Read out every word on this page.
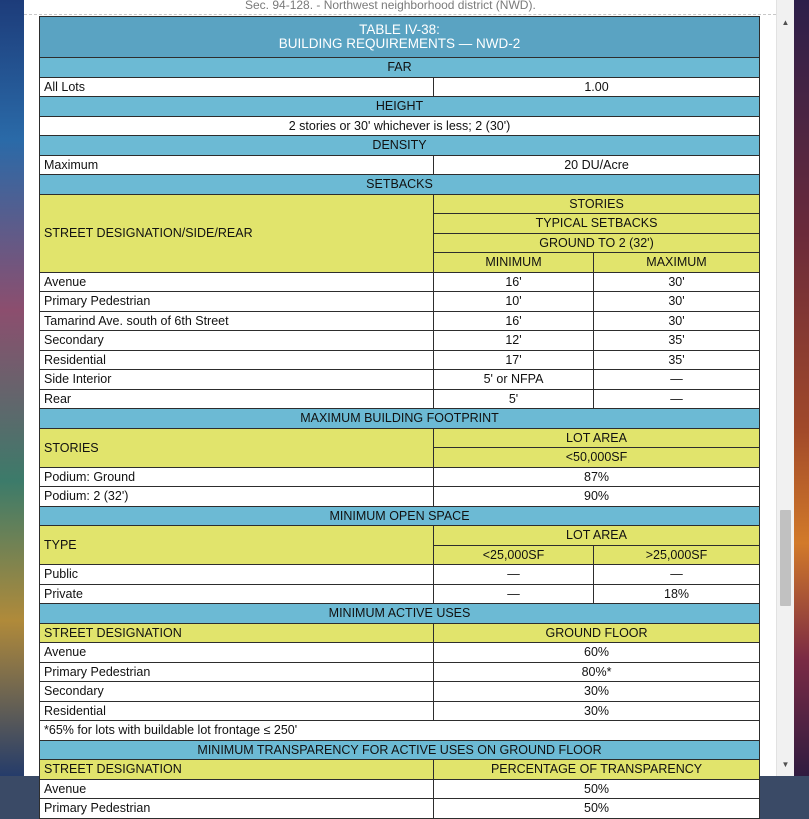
Sec. 94-128. - Northwest neighborhood district (NWD).
TABLE IV-38:
BUILDING REQUIREMENTS — NWD-2		
FAR		
All Lots	1.00	
HEIGHT		
2 stories or 30' whichever is less; 2 (30')		
DENSITY		
Maximum	20 DU/Acre	
SETBACKS		
STREET DESIGNATION/SIDE/REAR	STORIES	
	TYPICAL SETBACKS	
	GROUND TO 2 (32')	
	MINIMUM	MAXIMUM
Avenue	16'	30'
Primary Pedestrian	10'	30'
Tamarind Ave. south of 6th Street	16'	30'
Secondary	12'	35'
Residential	17'	35'
Side Interior	5' or NFPA	—
Rear	5'	—
MAXIMUM BUILDING FOOTPRINT		
STORIES	LOT AREA	
	<50,000SF	
Podium: Ground	87%	
Podium: 2 (32')	90%	
MINIMUM OPEN SPACE		
TYPE	LOT AREA	
	<25,000SF	>25,000SF
Public	—	—
Private	—	18%
MINIMUM ACTIVE USES		
STREET DESIGNATION	GROUND FLOOR	
Avenue	60%	
Primary Pedestrian	80%*	
Secondary	30%	
Residential	30%	
*65% for lots with buildable lot frontage ≤ 250'		
MINIMUM TRANSPARENCY FOR ACTIVE USES ON GROUND FLOOR		
STREET DESIGNATION	PERCENTAGE OF TRANSPARENCY	
Avenue	50%	
Primary Pedestrian	50%	
▲
▼
